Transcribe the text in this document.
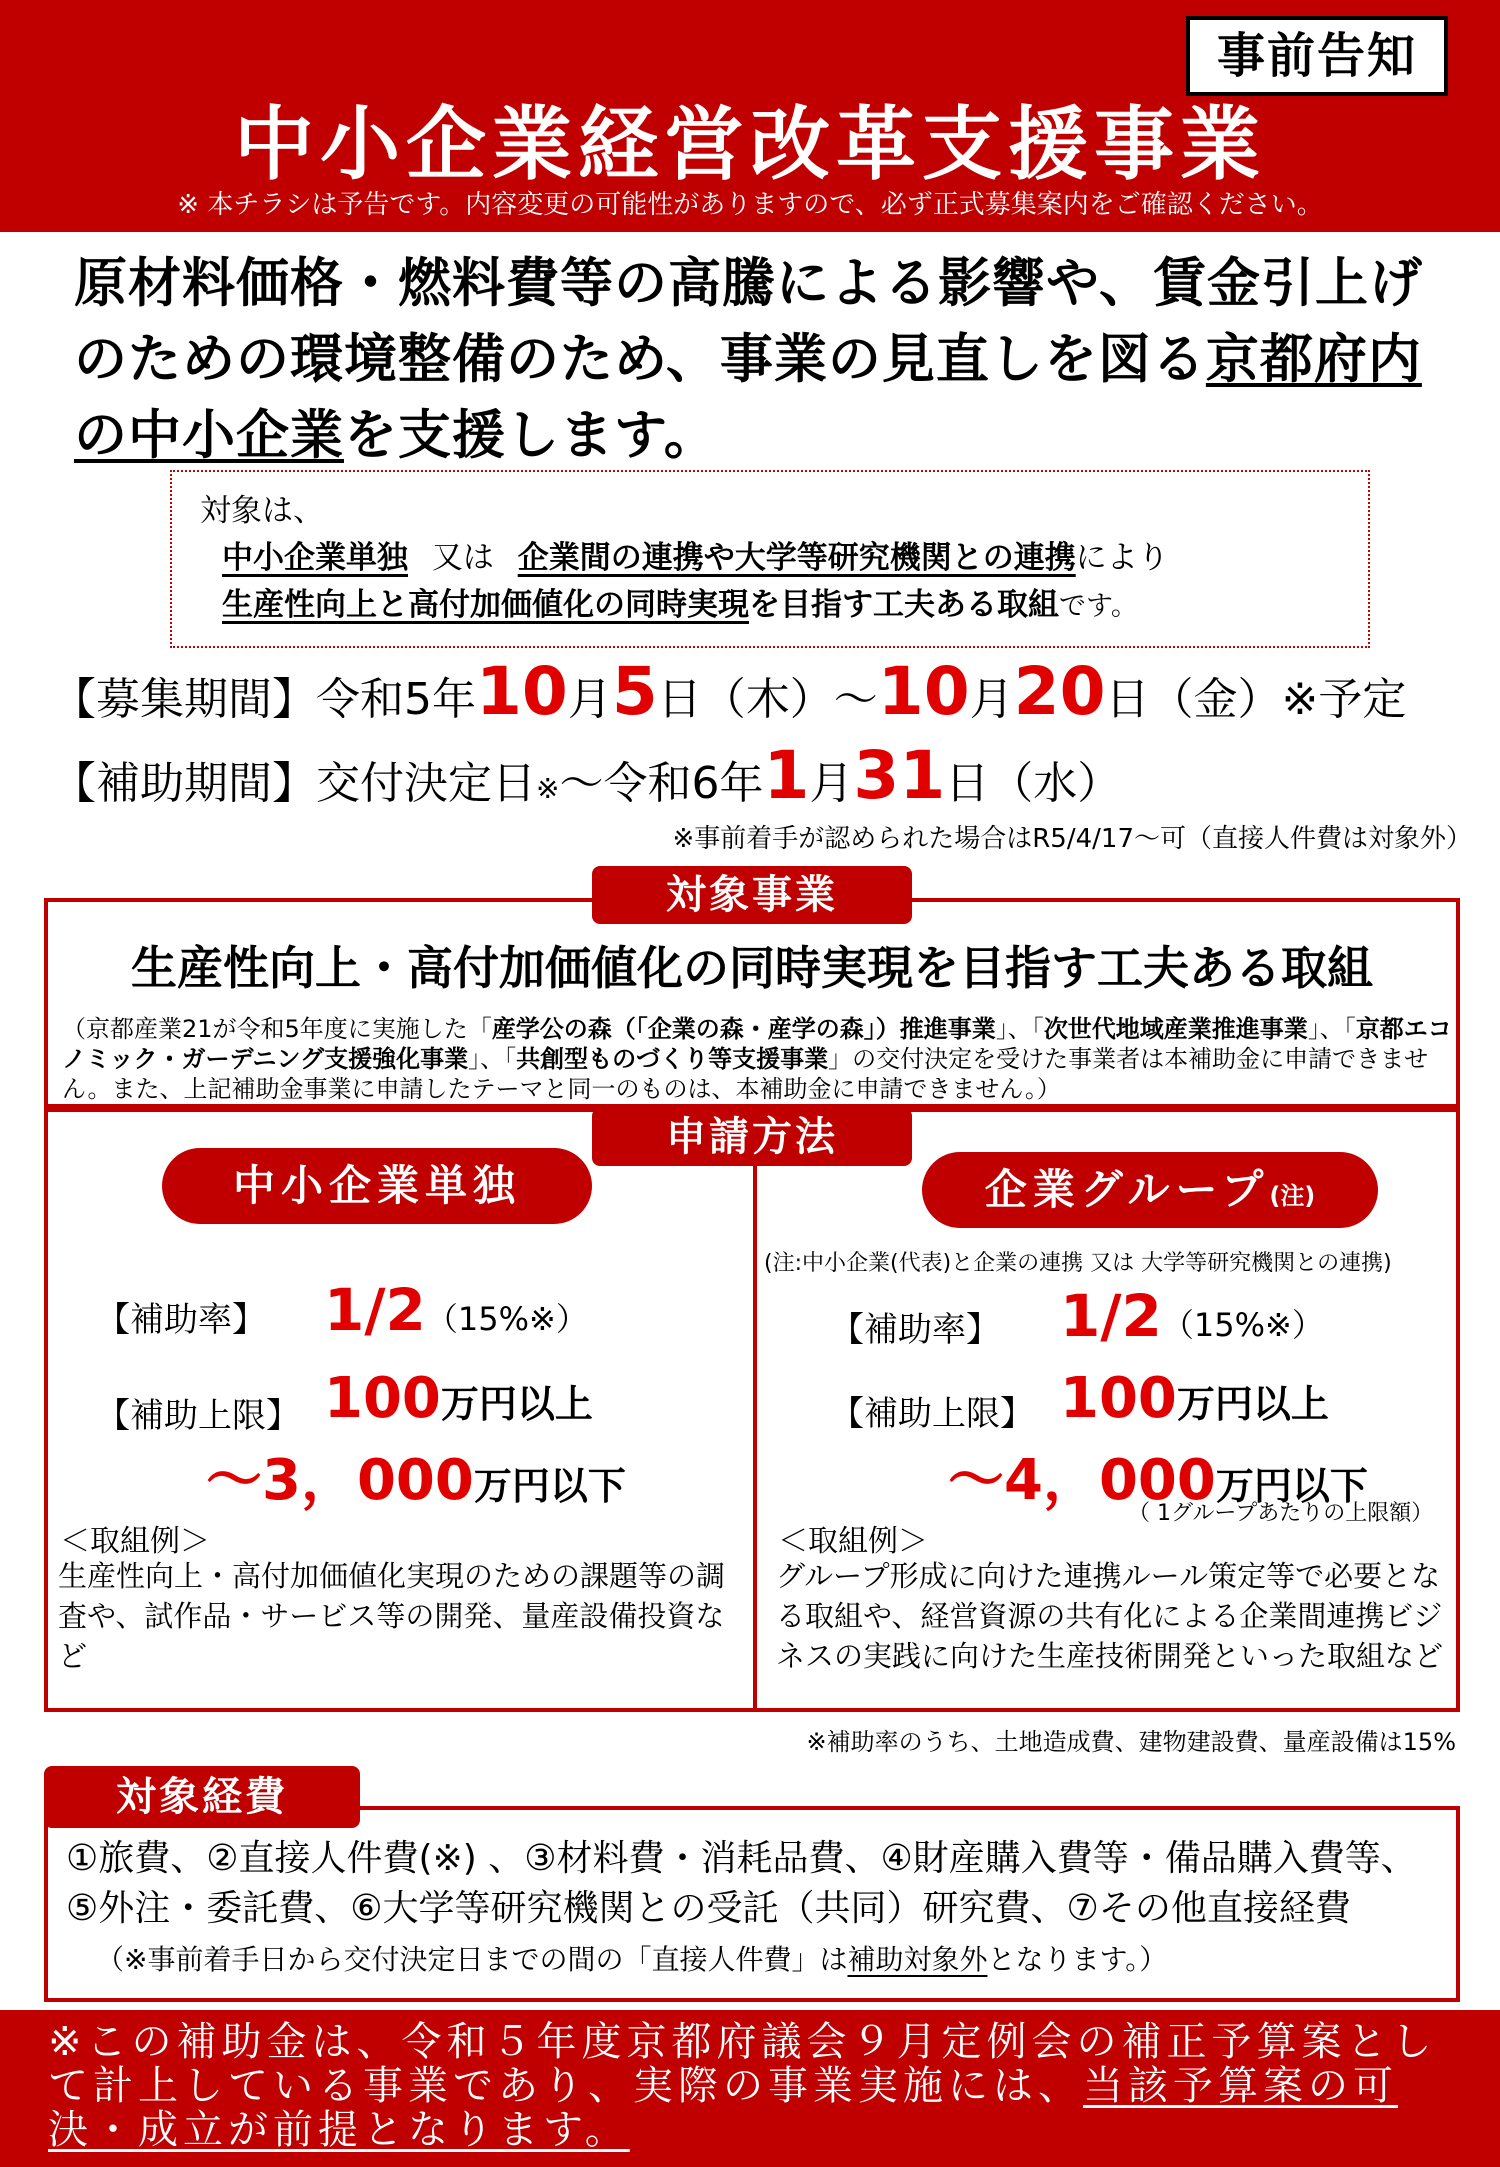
事前告知
中小企業経営改革支援事業
※ 本チラシは予告です。内容変更の可能性がありますので、必ず正式募集案内をご確認ください。
原材料価格・燃料費等の高騰による影響や、賃金引上げ
のための環境整備のため、事業の見直しを図る京都府内
の中小企業を支援します。
対象は、
中小企業単独 又は 企業間の連携や大学等研究機関との連携により
生産性向上と高付加価値化の同時実現を目指す工夫ある取組です。
【募集期間】令和5年10月5日（木）～10月20日（金）※予定
【補助期間】交付決定日※～令和6年1月31日（水）
※事前着手が認められた場合はR5/4/17～可（直接人件費は対象外）
対象事業
生産性向上・高付加価値化の同時実現を目指す工夫ある取組
（京都産業21が令和5年度に実施した「産学公の森（「企業の森・産学の森」）推進事業」、「次世代地域産業推進事業」、「京都エコノミック・ガーデニング支援強化事業」、「共創型ものづくり等支援事業」の交付決定を受けた事業者は本補助金に申請できません。また、上記補助金事業に申請したテーマと同一のものは、本補助金に申請できません。）
申請方法
中小企業単独
【補助率】 1/2（15%※）
【補助上限】 100万円以上
～3，000万円以下
＜取組例＞
生産性向上・高付加価値化実現のための課題等の調査や、試作品・サービス等の開発、量産設備投資など
企業グループ(注)
(注:中小企業(代表)と企業の連携 又は 大学等研究機関との連携)
【補助率】 1/2（15%※）
【補助上限】 100万円以上
～4，000万円以下
（ 1グループあたりの上限額）
＜取組例＞
グループ形成に向けた連携ルール策定等で必要となる取組や、経営資源の共有化による企業間連携ビジネスの実践に向けた生産技術開発といった取組など
※補助率のうち、土地造成費、建物建設費、量産設備は15%
対象経費
①旅費、②直接人件費(※) 、③材料費・消耗品費、④財産購入費等・備品購入費等、
⑤外注・委託費、⑥大学等研究機関との受託（共同）研究費、⑦その他直接経費
（※事前着手日から交付決定日までの間の「直接人件費」は補助対象外となります。）
※この補助金は、令和５年度京都府議会９月定例会の補正予算案として計上している事業であり、実際の事業実施には、当該予算案の可決・成立が前提となります。
